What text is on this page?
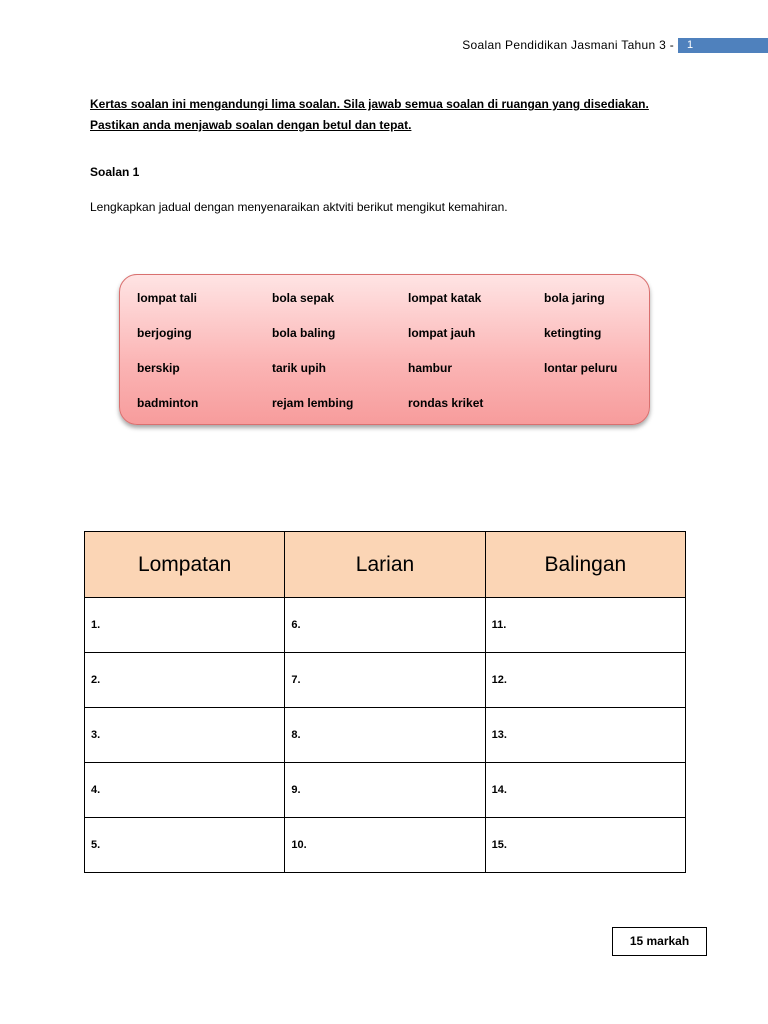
Soalan Pendidikan Jasmani Tahun 3 -	1
Kertas soalan ini mengandungi lima soalan. Sila jawab semua soalan di ruangan yang disediakan.
Pastikan anda menjawab soalan dengan betul dan tepat.
Soalan 1
Lengkapkan jadual dengan menyenaraikan aktviti berikut mengikut kemahiran.
lompat tali	bola sepak	lompat katak	bola jaring
berjoging	bola baling	lompat jauh	ketingting
berskip	tarik upih	hambur	lontar peluru
badminton	rejam lembing	rondas kriket
Lompatan	Larian	Balingan
1.	6.	11.
2.	7.	12.
3.	8.	13.
4.	9.	14.
5.	10.	15.
15 markah
